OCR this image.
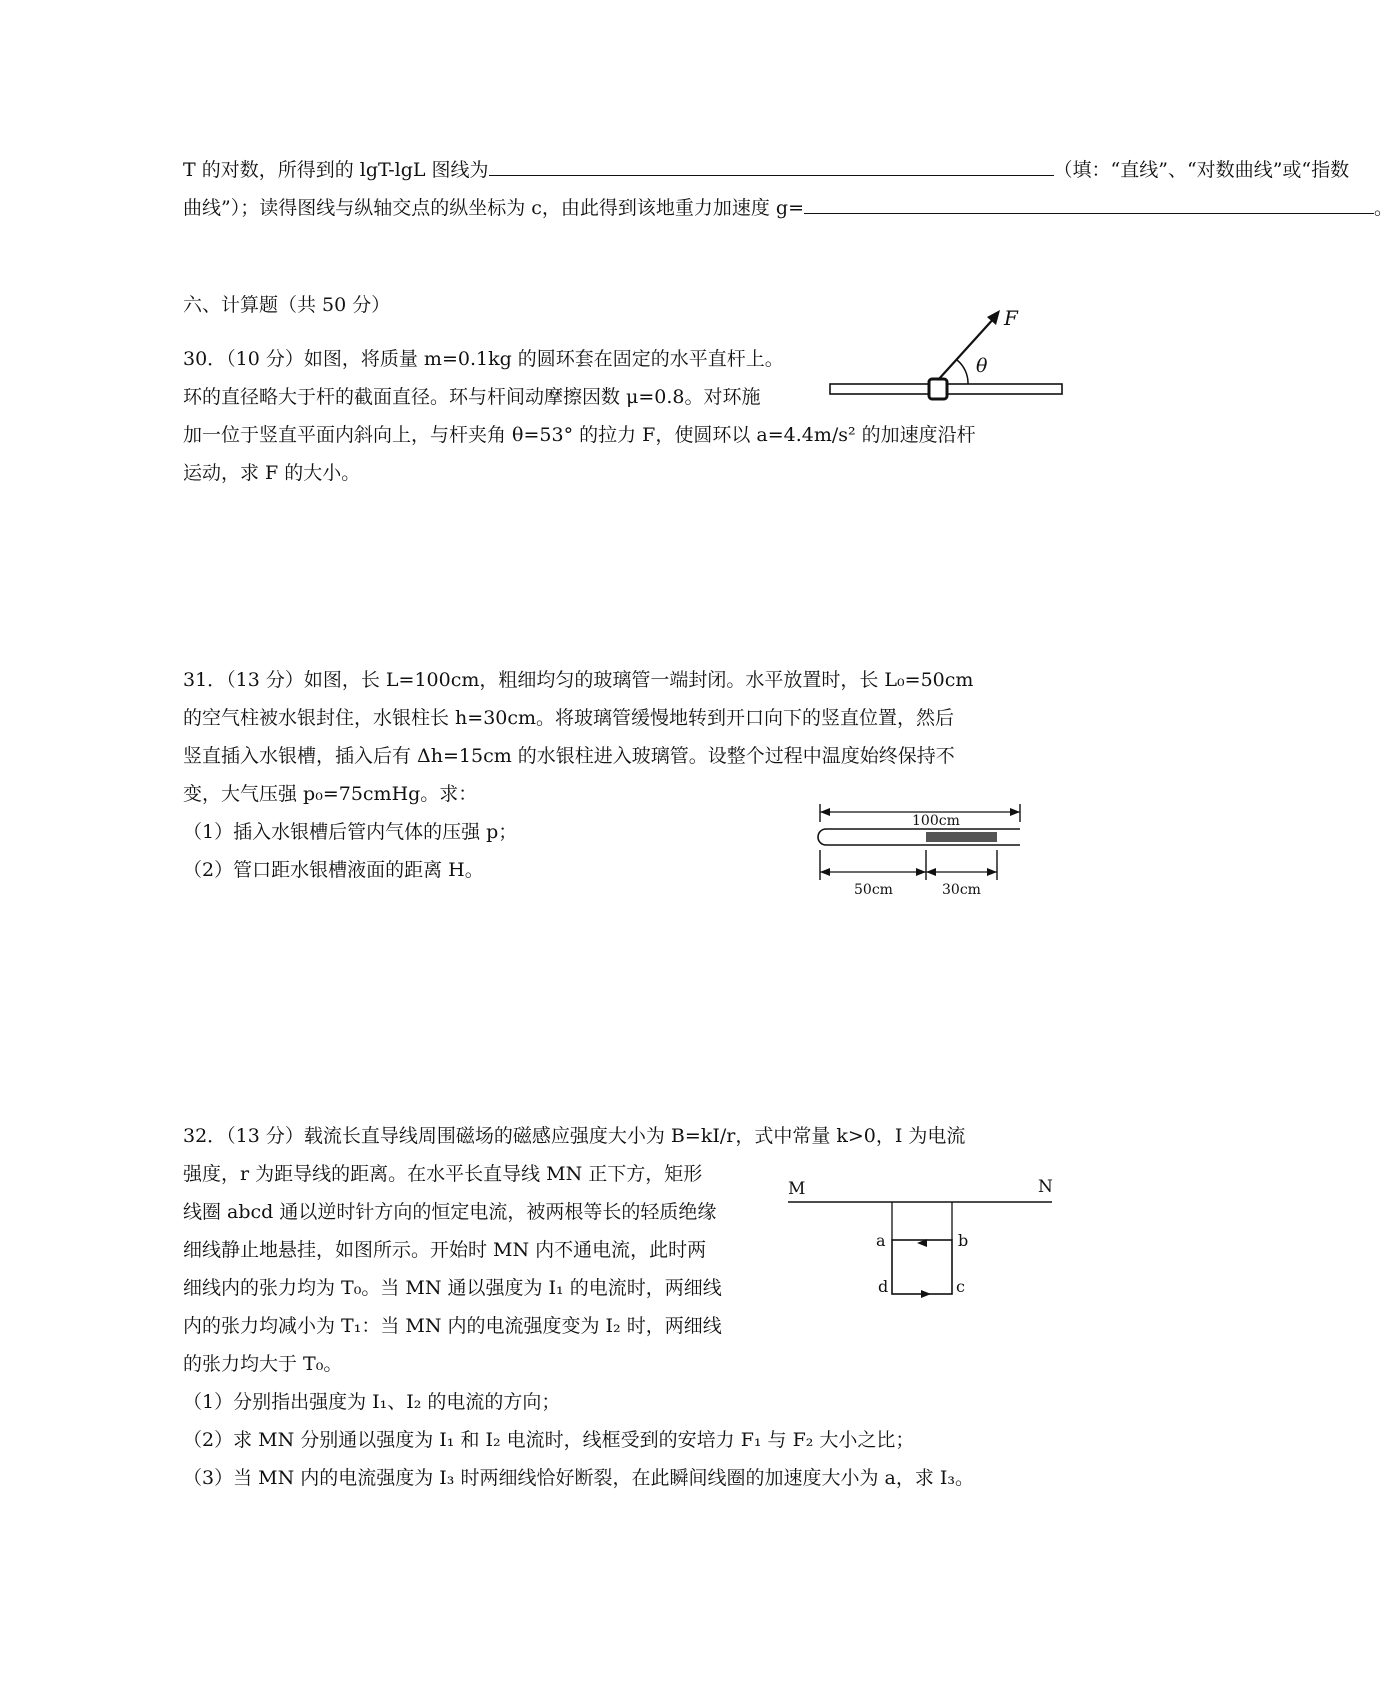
T 的对数，所得到的 lgT-lgL 图线为	（填：“直线”、“对数曲线”或“指数
曲线”）；读得图线与纵轴交点的纵坐标为 c，由此得到该地重力加速度 g=	。
六、计算题（共 50 分）
30．（10 分）如图，将质量 m=0.1kg 的圆环套在固定的水平直杆上。
环的直径略大于杆的截面直径。环与杆间动摩擦因数 μ=0.8。对环施
加一位于竖直平面内斜向上，与杆夹角 θ=53° 的拉力 F，使圆环以 a=4.4m/s² 的加速度沿杆
运动，求 F 的大小。
F
θ
31．（13 分）如图，长 L=100cm，粗细均匀的玻璃管一端封闭。水平放置时，长 L₀=50cm
的空气柱被水银封住，水银柱长 h=30cm。将玻璃管缓慢地转到开口向下的竖直位置，然后
竖直插入水银槽，插入后有 Δh=15cm 的水银柱进入玻璃管。设整个过程中温度始终保持不
变，大气压强 p₀=75cmHg。求：
（1）插入水银槽后管内气体的压强 p；
（2）管口距水银槽液面的距离 H。
100cm
50cm	30cm
32．（13 分）载流长直导线周围磁场的磁感应强度大小为 B=kI/r，式中常量 k>0，I 为电流
强度，r 为距导线的距离。在水平长直导线 MN 正下方，矩形
线圈 abcd 通以逆时针方向的恒定电流，被两根等长的轻质绝缘
细线静止地悬挂，如图所示。开始时 MN 内不通电流，此时两
细线内的张力均为 T₀。当 MN 通以强度为 I₁ 的电流时，两细线
内的张力均减小为 T₁：当 MN 内的电流强度变为 I₂ 时，两细线
的张力均大于 T₀。
（1）分别指出强度为 I₁、I₂ 的电流的方向；
（2）求 MN 分别通以强度为 I₁ 和 I₂ 电流时，线框受到的安培力 F₁ 与 F₂ 大小之比；
（3）当 MN 内的电流强度为 I₃ 时两细线恰好断裂，在此瞬间线圈的加速度大小为 a，求 I₃。
M	N
a	b
c
d
